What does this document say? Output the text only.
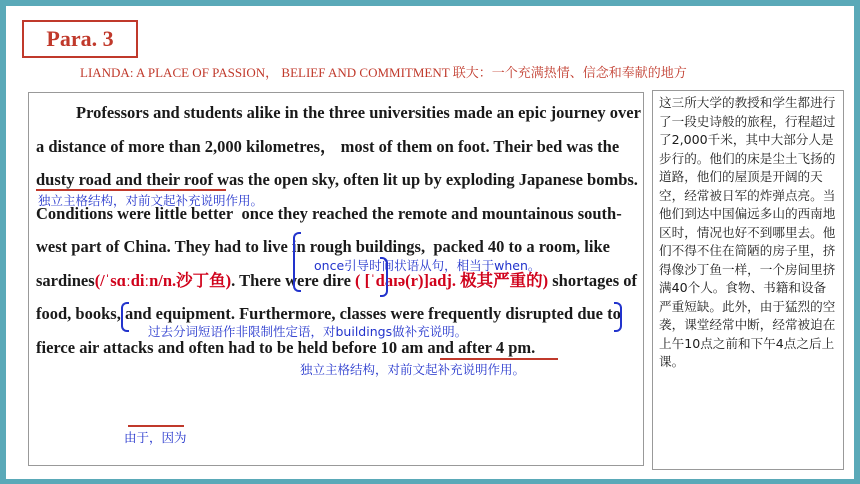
Para. 3
LIANDA: A PLACE OF PASSION， BELIEF AND COMMITMENT 联大：一个充满热情、信念和奉献的地方
Professors and students alike in the three universities made an epic journey over a distance of more than 2,000 kilometres， most of them on foot. Their bed was the dusty road and their roof was the open sky, often lit up by exploding Japanese bombs. Conditions were little better once they reached the remote and mountainous south-west part of China. They had to live in rough buildings, packed 40 to a room, like sardines(/ˈsɑːdiːn/n.沙丁鱼). There were dire ( [ˈdaɪə(r)]adj. 极其严重的) shortages of food, books, and equipment. Furthermore, classes were frequently disrupted due to fierce air attacks and often had to be held before 10 am and after 4 pm.
独立主格结构，对前文起补充说明作用。
once引导时间状语从句，相当于when。
过去分词短语作非限制性定语，对buildings做补充说明。
独立主格结构，对前文起补充说明作用。
由于，因为
这三所大学的教授和学生都进行了一段史诗般的旅程，行程超过了2,000千米，其中大部分人是步行的。他们的床是尘土飞扬的道路，他们的屋顶是开阔的天空，经常被日军的炸弹点亮。当他们到达中国偏远多山的西南地区时，情况也好不到哪里去。他们不得不住在简陋的房子里，挤得像沙丁鱼一样，一个房间里挤满40个人。食物、书籍和设备严重短缺。此外，由于猛烈的空袭，课堂经常中断，经常被迫在上午10点之前和下午4点之后上课。
